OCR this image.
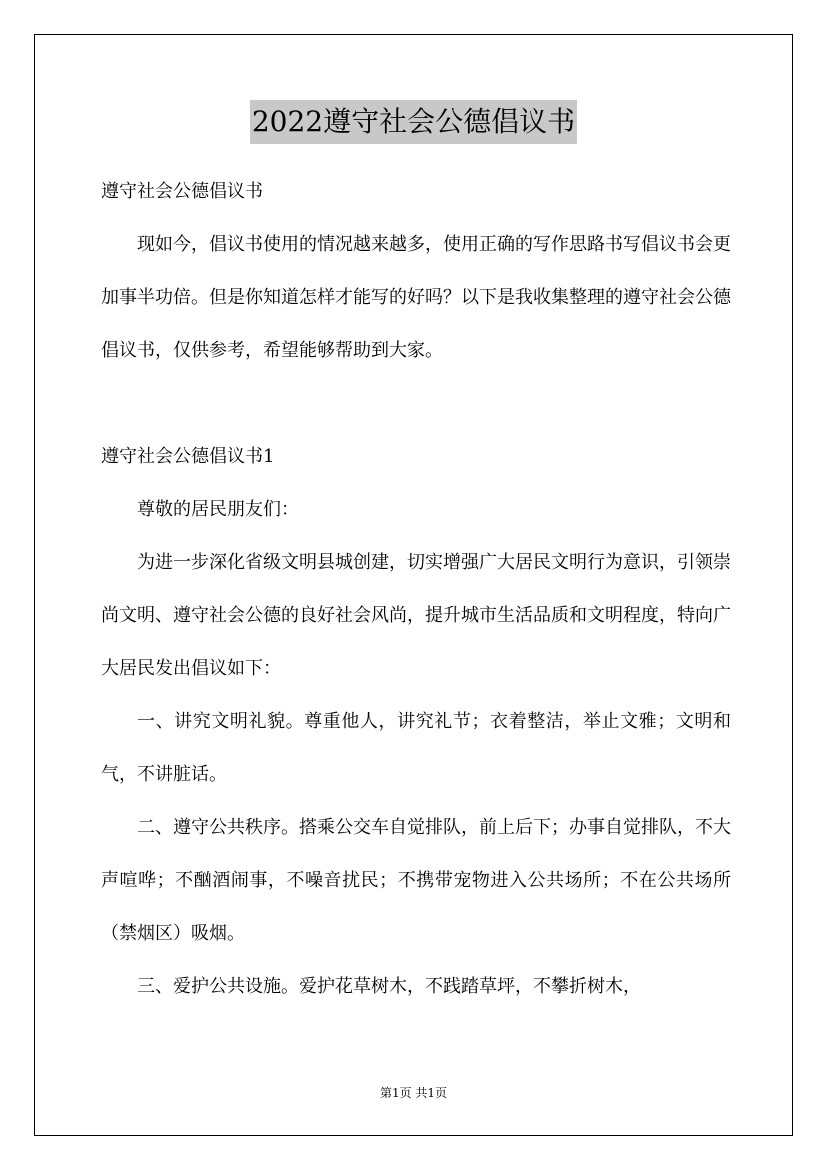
2022遵守社会公德倡议书

遵守社会公德倡议书

现如今，倡议书使用的情况越来越多，使用正确的写作思路书写倡议书会更加事半功倍。但是你知道怎样才能写的好吗？以下是我收集整理的遵守社会公德倡议书，仅供参考，希望能够帮助到大家。

遵守社会公德倡议书1

尊敬的居民朋友们：

为进一步深化省级文明县城创建，切实增强广大居民文明行为意识，引领崇尚文明、遵守社会公德的良好社会风尚，提升城市生活品质和文明程度，特向广大居民发出倡议如下：

一、讲究文明礼貌。尊重他人，讲究礼节；衣着整洁，举止文雅；文明和气，不讲脏话。

二、遵守公共秩序。搭乘公交车自觉排队，前上后下；办事自觉排队，不大声喧哗；不酗酒闹事，不噪音扰民；不携带宠物进入公共场所；不在公共场所（禁烟区）吸烟。

三、爱护公共设施。爱护花草树木，不践踏草坪，不攀折树木，

第1页 共1页
